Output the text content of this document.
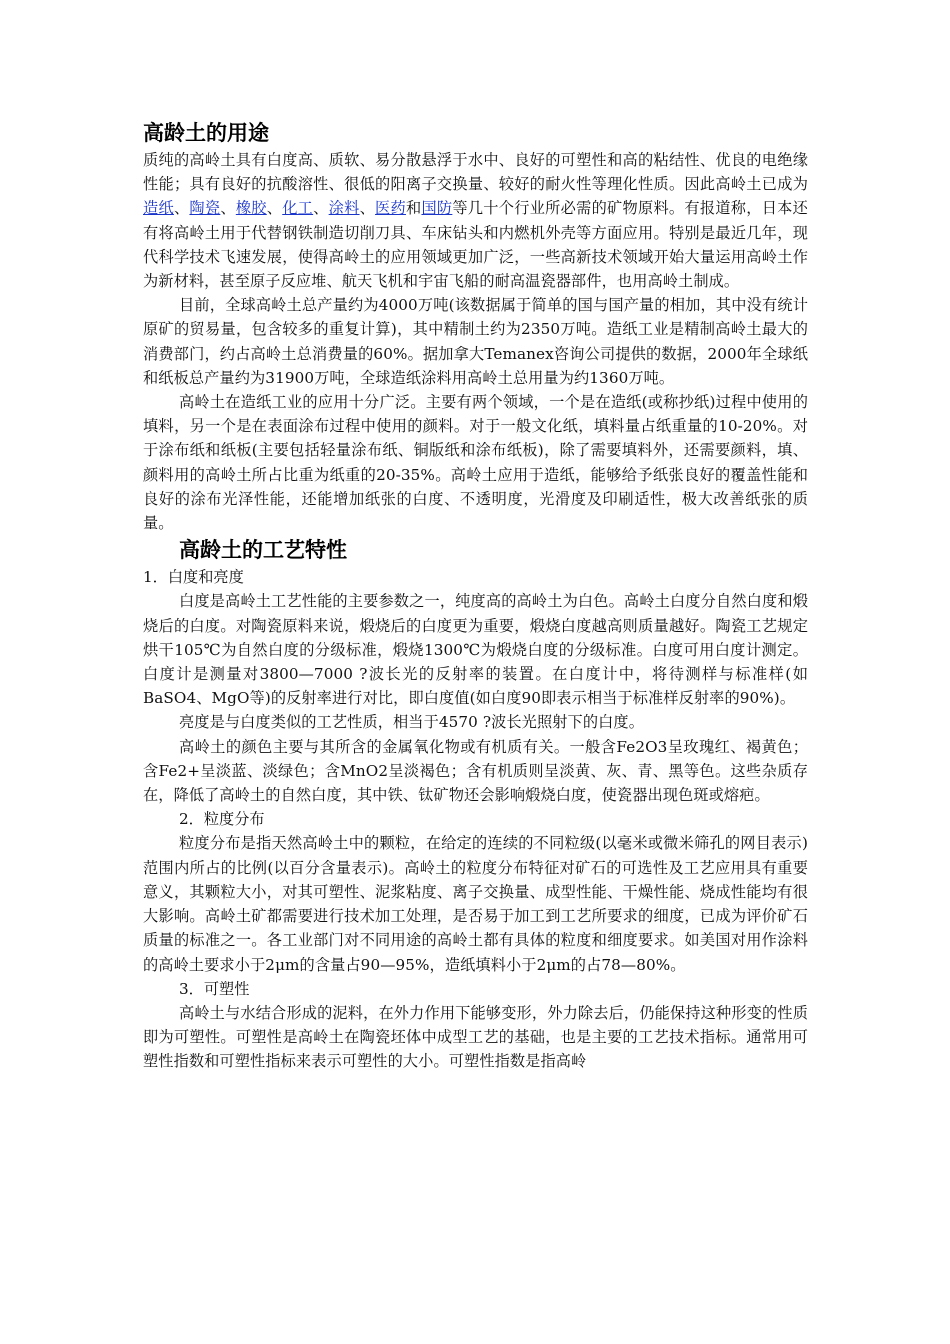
高龄土的用途

质纯的高岭土具有白度高、质软、易分散悬浮于水中、良好的可塑性和高的粘结性、优良的电绝缘性能；具有良好的抗酸溶性、很低的阳离子交换量、较好的耐火性等理化性质。因此高岭土已成为造纸、陶瓷、橡胶、化工、涂料、医药和国防等几十个行业所必需的矿物原料。有报道称，日本还有将高岭土用于代替钢铁制造切削刀具、车床钻头和内燃机外壳等方面应用。特别是最近几年，现代科学技术飞速发展，使得高岭土的应用领域更加广泛，一些高新技术领域开始大量运用高岭土作为新材料，甚至原子反应堆、航天飞机和宇宙飞船的耐高温瓷器部件，也用高岭土制成。

目前，全球高岭土总产量约为4000万吨(该数据属于简单的国与国产量的相加，其中没有统计原矿的贸易量，包含较多的重复计算)，其中精制土约为2350万吨。造纸工业是精制高岭土最大的消费部门，约占高岭土总消费量的60%。据加拿大Temanex咨询公司提供的数据，2000年全球纸和纸板总产量约为31900万吨，全球造纸涂料用高岭土总用量为约1360万吨。

高岭土在造纸工业的应用十分广泛。主要有两个领域，一个是在造纸(或称抄纸)过程中使用的填料，另一个是在表面涂布过程中使用的颜料。对于一般文化纸，填料量占纸重量的10-20%。对于涂布纸和纸板(主要包括轻量涂布纸、铜版纸和涂布纸板)，除了需要填料外，还需要颜料，填、颜料用的高岭土所占比重为纸重的20-35%。高岭土应用于造纸，能够给予纸张良好的覆盖性能和良好的涂布光泽性能，还能增加纸张的白度、不透明度，光滑度及印刷适性，极大改善纸张的质量。

高龄土的工艺特性
1．白度和亮度

白度是高岭土工艺性能的主要参数之一，纯度高的高岭土为白色。高岭土白度分自然白度和煅烧后的白度。对陶瓷原料来说，煅烧后的白度更为重要，煅烧白度越高则质量越好。陶瓷工艺规定烘干105℃为自然白度的分级标准，煅烧1300℃为煅烧白度的分级标准。白度可用白度计测定。白度计是测量对3800—7000 ?波长光的反射率的装置。在白度计中，将待测样与标准样(如BaSO4、MgO等)的反射率进行对比，即白度值(如白度90即表示相当于标准样反射率的90%)。

亮度是与白度类似的工艺性质，相当于4570 ?波长光照射下的白度。

高岭土的颜色主要与其所含的金属氧化物或有机质有关。一般含Fe2O3呈玫瑰红、褐黄色；含Fe2+呈淡蓝、淡绿色；含MnO2呈淡褐色；含有机质则呈淡黄、灰、青、黑等色。这些杂质存在，降低了高岭土的自然白度，其中铁、钛矿物还会影响煅烧白度，使瓷器出现色斑或熔疤。

2．粒度分布

粒度分布是指天然高岭土中的颗粒，在给定的连续的不同粒级(以毫米或微米筛孔的网目表示)范围内所占的比例(以百分含量表示)。高岭土的粒度分布特征对矿石的可选性及工艺应用具有重要意义，其颗粒大小，对其可塑性、泥浆粘度、离子交换量、成型性能、干燥性能、烧成性能均有很大影响。高岭土矿都需要进行技术加工处理，是否易于加工到工艺所要求的细度，已成为评价矿石质量的标准之一。各工业部门对不同用途的高岭土都有具体的粒度和细度要求。如美国对用作涂料的高岭土要求小于2μm的含量占90—95%，造纸填料小于2μm的占78—80%。

3．可塑性

高岭土与水结合形成的泥料，在外力作用下能够变形，外力除去后，仍能保持这种形变的性质即为可塑性。可塑性是高岭土在陶瓷坯体中成型工艺的基础，也是主要的工艺技术指标。通常用可塑性指数和可塑性指标来表示可塑性的大小。可塑性指数是指高岭
